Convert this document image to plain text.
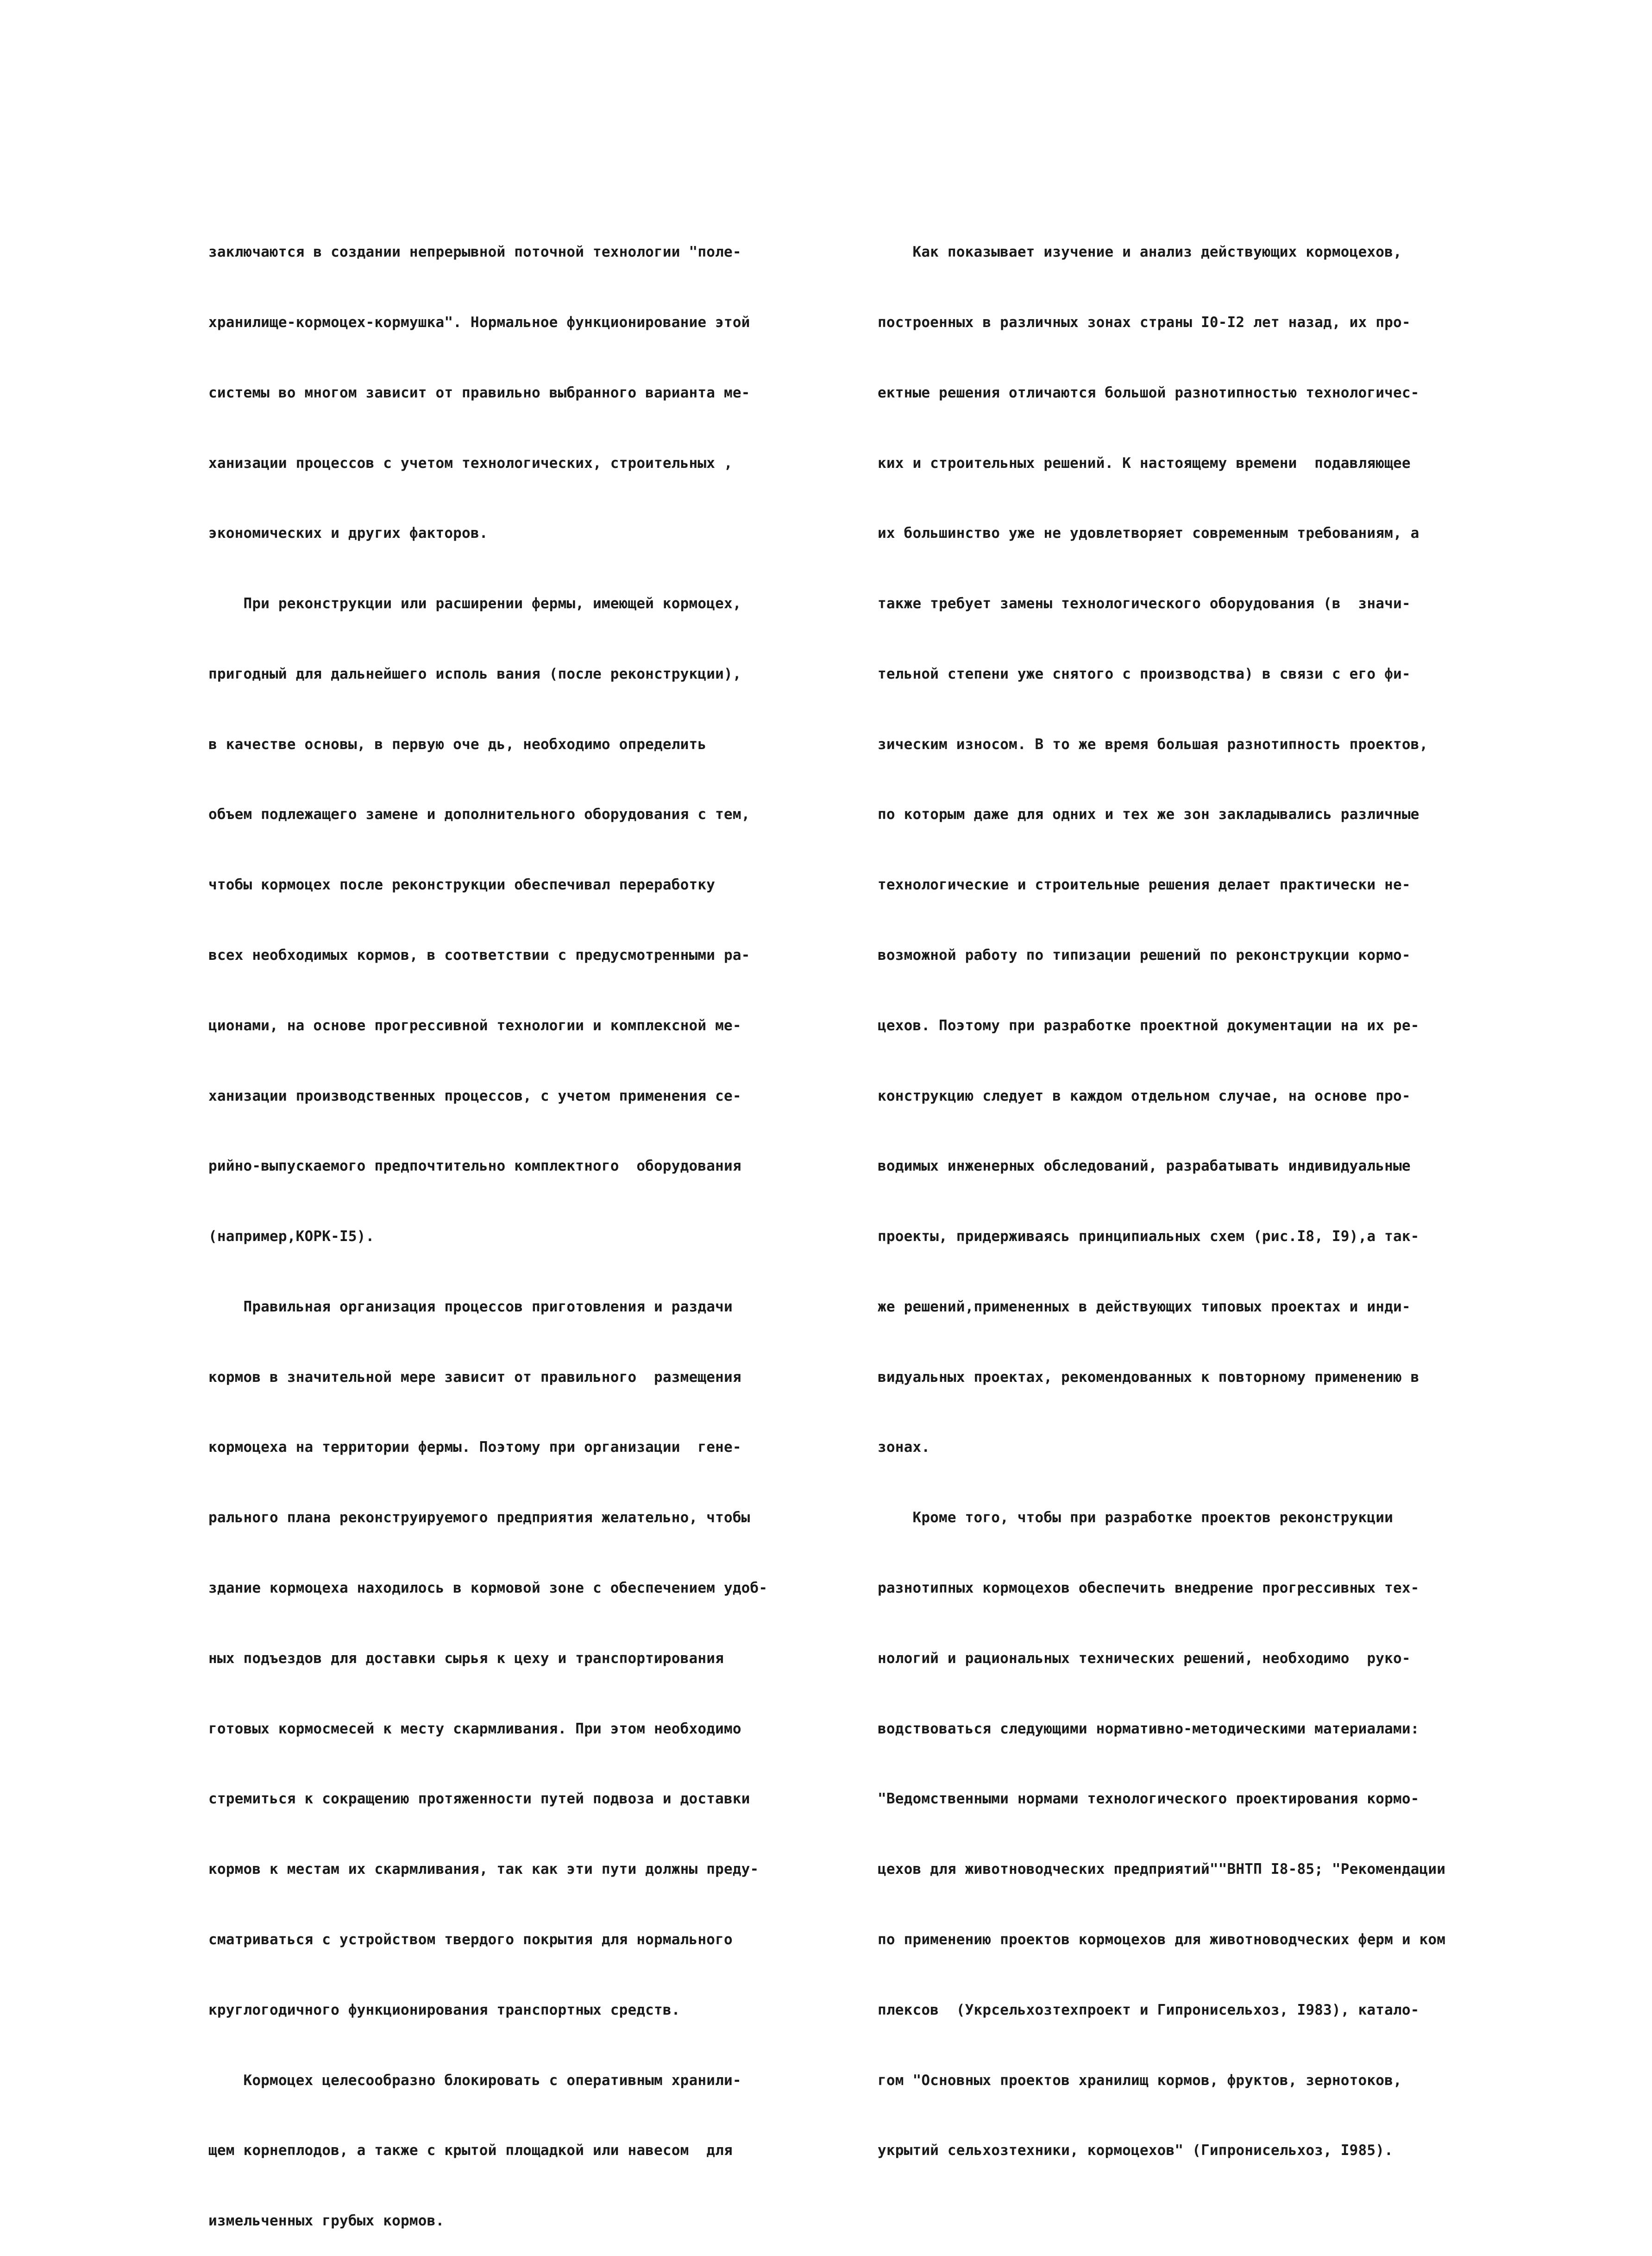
заключаются в создании непрерывной поточной технологии "поле-

хранилище-кормоцех-кормушка". Нормальное функционирование этой

системы во многом зависит от правильно выбранного варианта ме-

ханизации процессов с учетом технологических, строительных ,

экономических и других факторов.

При реконструкции или расширении фермы, имеющей кормоцех,

пригодный для дальнейшего исполь вания (после реконструкции),

в качестве основы, в первую оче дь, необходимо определить

объем подлежащего замене и дополнительного оборудования с тем,

чтобы кормоцех после реконструкции обеспечивал переработку

всех необходимых кормов, в соответствии с предусмотренными ра-

ционами, на основе прогрессивной технологии и комплексной ме-

ханизации производственных процессов, с учетом применения се-

рийно-выпускаемого предпочтительно комплектного  оборудования

(например,КОРК-I5).

Правильная организация процессов приготовления и раздачи

кормов в значительной мере зависит от правильного  размещения

кормоцеха на территории фермы. Поэтому при организации  гене-

рального плана реконструируемого предприятия желательно, чтобы

здание кормоцеха находилось в кормовой зоне с обеспечением удоб-

ных подъездов для доставки сырья к цеху и транспортирования

готовых кормосмесей к месту скармливания. При этом необходимо

стремиться к сокращению протяженности путей подвоза и доставки

кормов к местам их скармливания, так как эти пути должны преду-

сматриваться с устройством твердого покрытия для нормального

круглогодичного функционирования транспортных средств.

Кормоцех целесообразно блокировать с оперативным хранили-

щем корнеплодов, а также с крытой площадкой или навесом  для

измельченных грубых кормов.

Как показывает изучение и анализ действующих кормоцехов,

построенных в различных зонах страны I0-I2 лет назад, их про-

ектные решения отличаются большой разнотипностью технологичес-

ких и строительных решений. К настоящему времени  подавляющее

их большинство уже не удовлетворяет современным требованиям, а

также требует замены технологического оборудования (в  значи-

тельной степени уже снятого с производства) в связи с его фи-

зическим износом. В то же время большая разнотипность проектов,

по которым даже для одних и тех же зон закладывались различные

технологические и строительные решения делает практически не-

возможной работу по типизации решений по реконструкции кормо-

цехов. Поэтому при разработке проектной документации на их ре-

конструкцию следует в каждом отдельном случае, на основе про-

водимых инженерных обследований, разрабатывать индивидуальные

проекты, придерживаясь принципиальных схем (рис.I8, I9),а так-

же решений,примененных в действующих типовых проектах и инди-

видуальных проектах, рекомендованных к повторному применению в

зонах.

Кроме того, чтобы при разработке проектов реконструкции

разнотипных кормоцехов обеспечить внедрение прогрессивных тех-

нологий и рациональных технических решений, необходимо  руко-

водствоваться следующими нормативно-методическими материалами:

"Ведомственными нормами технологического проектирования кормо-

цехов для животноводческих предприятий""ВНТП I8-85; "Рекомендации

по применению проектов кормоцехов для животноводческих ферм и ком

плексов  (Укрсельхозтехпроект и Гипронисельхоз, I983), катало-

гом "Основных проектов хранилищ кормов, фруктов, зернотоков,

укрытий сельхозтехники, кормоцехов" (Гипронисельхоз, I985).
